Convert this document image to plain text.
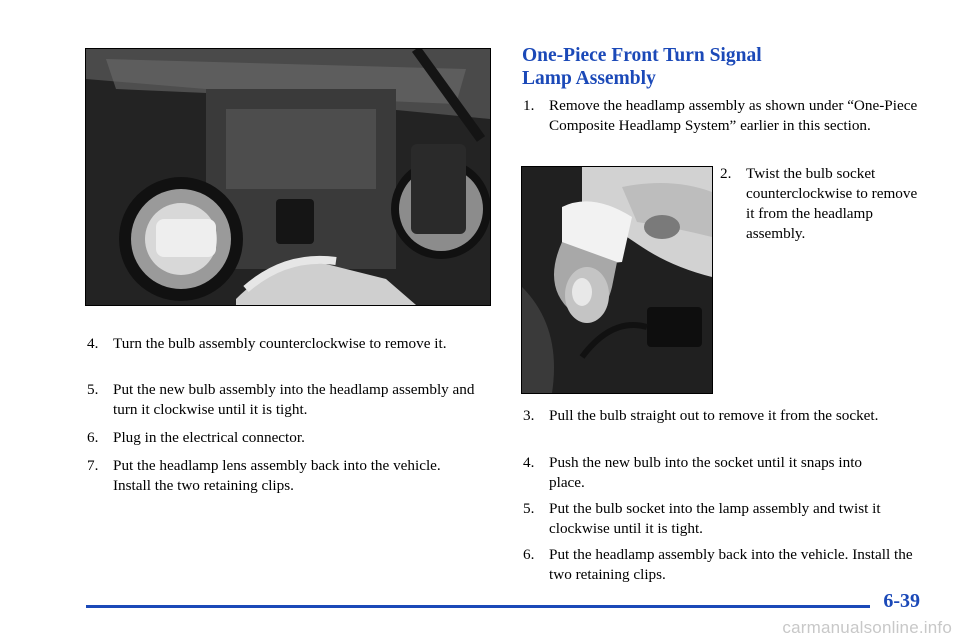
4. Turn the bulb assembly counterclockwise to remove it.
5. Put the new bulb assembly into the headlamp assembly and turn it clockwise until it is tight.
6. Plug in the electrical connector.
7. Put the headlamp lens assembly back into the vehicle. Install the two retaining clips.
One-Piece Front Turn Signal
Lamp Assembly
1. Remove the headlamp assembly as shown under “One-Piece Composite Headlamp System” earlier in this section.
2. Twist the bulb socket counterclockwise to remove it from the headlamp assembly.
3. Pull the bulb straight out to remove it from the socket.
4. Push the new bulb into the socket until it snaps into place.
5. Put the bulb socket into the lamp assembly and twist it clockwise until it is tight.
6. Put the headlamp assembly back into the vehicle. Install the two retaining clips.
6-39
carmanualsonline.info
